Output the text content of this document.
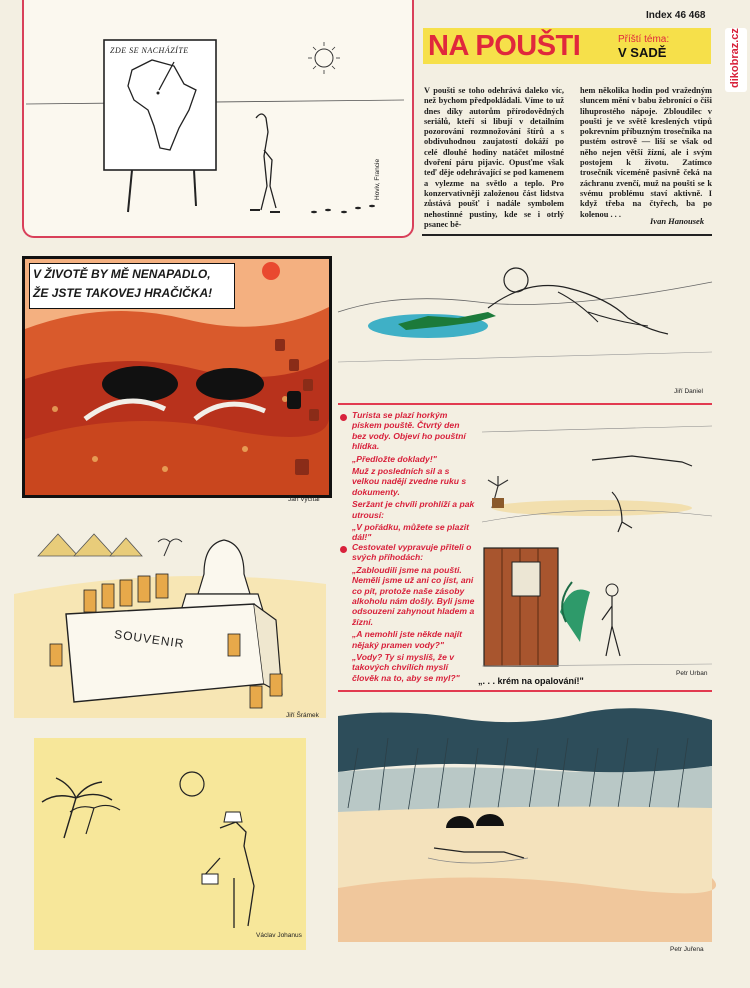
ZDE SE NACHÁZÍTE
Hoviv, Francie
Index 46 468
NA POUŠTI	Příští téma:
V SADĚ	dikobraz.cz
V poušti se toho odehrává daleko víc, než bychom předpokládali. Víme to už dnes díky autorům přírodovědných seriálů, kteří si libují v detailním pozorování rozmnožování štírů a s obdivuhodnou zaujatostí dokáží po celé dlouhé hodiny natáčet milostné dvoření páru pijavic. Opusťme však teď děje odehrávající se pod kamenem a vylezme na světlo a teplo. Pro konzervativněji založenou část lidstva zůstává poušť i nadále symbolem nehostinné pustiny, kde se i otrlý psanec bě-
hem několika hodin pod vražedným sluncem mění v babu žebronící o číši lihuprostého nápoje. Zbloudilec v poušti je ve světě kreslených vtipů pokrevním příbuzným trosečníka na pustém ostrově — liší se však od něho nejen větší žízní, ale i svým postojem k životu. Zatímco trosečník víceméně pasivně čeká na záchranu zvenčí, muž na poušti se k svému problému staví aktivně. I když třeba na čtyřech, ba po kolenou . . .
Ivan Hanousek
V ŽIVOTĚ BY MĚ NENAPADLO,
ŽE JSTE TAKOVEJ HRAČIČKA!
Jan Vyčítal
Jiří Daniel

Turista se plazí horkým pískem pouště. Čtvrtý den bez vody. Objeví ho pouštní hlídka.

„Předložte doklady!"

Muž z posledních sil a s velkou nadějí zvedne ruku s dokumenty.

Seržant je chvíli prohlíží a pak utrousí:

„V pořádku, můžete se plazit dál!"

Cestovatel vypravuje přiteli o svých příhodách:

„Zabloudili jsme na poušti. Neměli jsme už ani co jíst, ani co pít, protože naše zásoby alkoholu nám došly. Byli jsme odsouzeni zahynout hladem a žízní.

„A nemohli jste někde najít nějaký pramen vody?"

„Vody? Ty si myslíš, že v takových chvílích myslí člověk na to, aby se myl?"	„. . . krém na opalování!"
Petr Urban
SOUVENIR
Jiří Šrámek
Václav Johanus
Petr Juřena
